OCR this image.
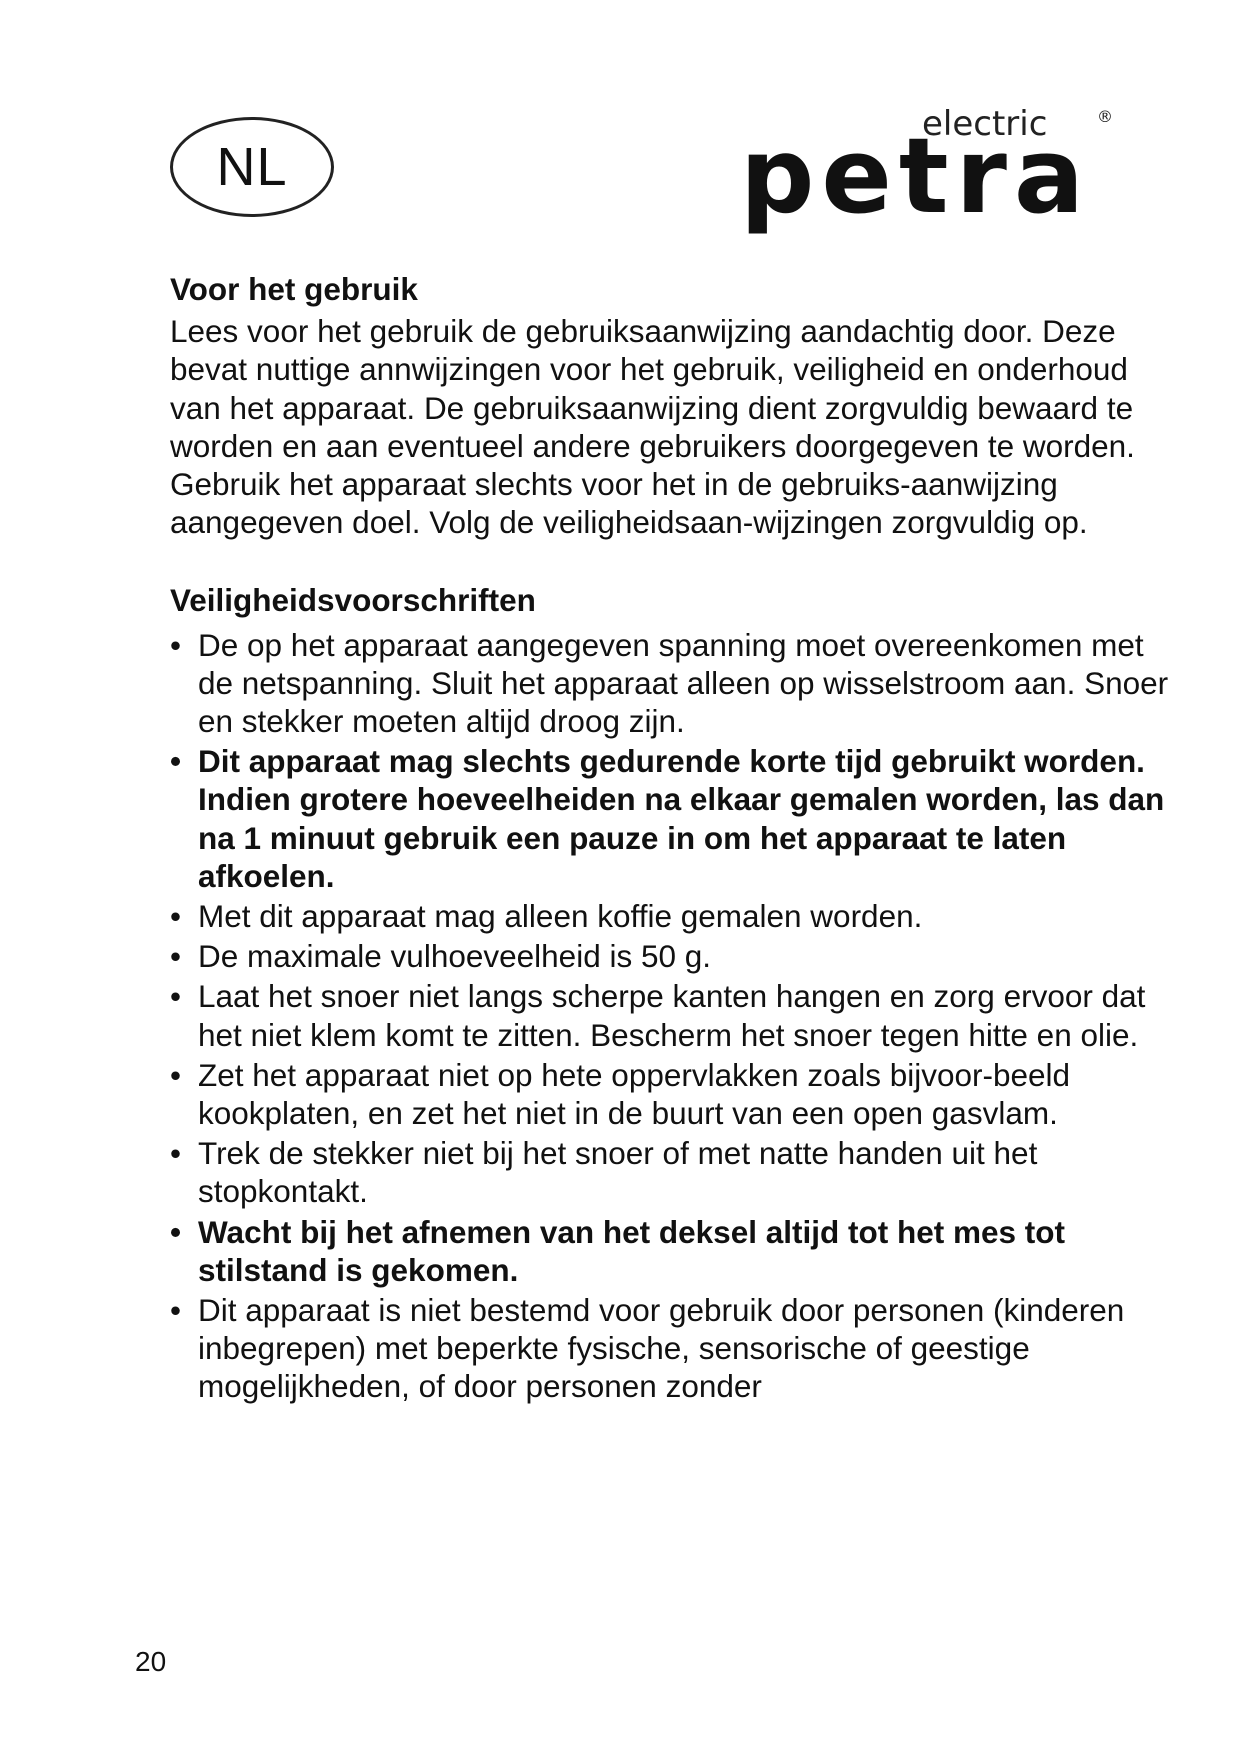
NL
electric	®
petra
Voor het gebruik

Lees voor het gebruik de gebruiksaanwijzing aandachtig door. Deze bevat nuttige annwijzingen voor het gebruik, veiligheid en onderhoud van het apparaat. De gebruiksaanwijzing dient zorgvuldig bewaard te worden en aan eventueel andere gebruikers doorgegeven te worden. Gebruik het apparaat slechts voor het in de gebruiks-aanwijzing aangegeven doel. Volg de veiligheidsaan-wijzingen zorgvuldig op.

Veiligheidsvoorschriften
• De op het apparaat aangegeven spanning moet overeenkomen met de netspanning. Sluit het apparaat alleen op wisselstroom aan. Snoer en stekker moeten altijd droog zijn.
• Dit apparaat mag slechts gedurende korte tijd gebruikt worden. Indien grotere hoeveelheiden na elkaar gemalen worden, las dan na 1 minuut gebruik een pauze in om het apparaat te laten afkoelen.
• Met dit apparaat mag alleen koffie gemalen worden.
• De maximale vulhoeveelheid is 50 g.
• Laat het snoer niet langs scherpe kanten hangen en zorg ervoor dat het niet klem komt te zitten. Bescherm het snoer tegen hitte en olie.
• Zet het apparaat niet op hete oppervlakken zoals bijvoor-beeld kookplaten, en zet het niet in de buurt van een open gasvlam.
• Trek de stekker niet bij het snoer of met natte handen uit het stopkontakt.
• Wacht bij het afnemen van het deksel altijd tot het mes tot stilstand is gekomen.
• Dit apparaat is niet bestemd voor gebruik door personen (kinderen inbegrepen) met beperkte fysische, sensorische of geestige mogelijkheden, of door personen zonder
20
